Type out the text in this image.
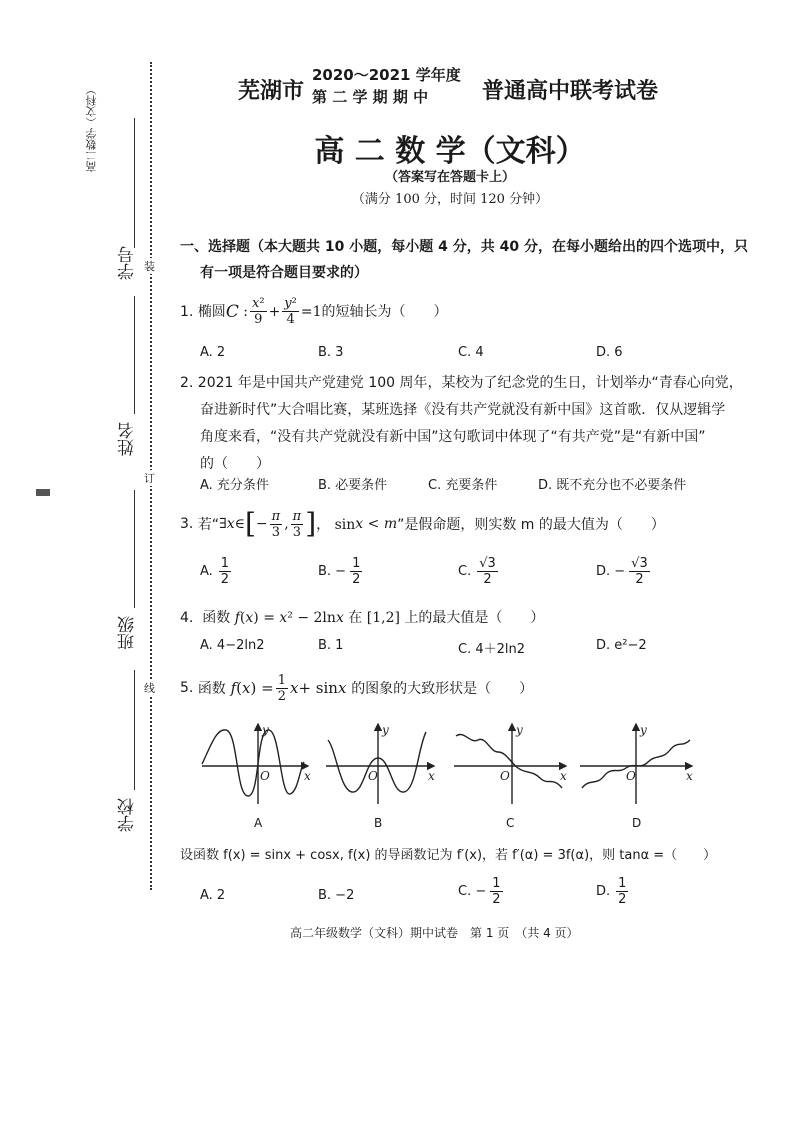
高二数学（文科）
学号 装
姓名
订
班级
线
学校
芜湖市
2020～2021 学年度
第 二 学 期 期 中 普通高中联考试卷
高 二 数 学（文科）
（答案写在答题卡上）
（满分 100 分，时间 120 分钟）
一、选择题（本大题共 10 小题，每小题 4 分，共 40 分，在每小题给出的四个选项中，只
有一项是符合题目要求的）
1.
椭圆 C : $\frac{\text{x²}}{9} + \frac{\text{y²}}{4} =1$ 的短轴长为（　　）
A. 2	B. 3	C. 4	D. 6
2. 2021 年是中国共产党建党 100 周年，某校为了纪念党的生日，计划举办“青春心向党，
奋进新时代”大合唱比赛，某班选择《没有共产党就没有新中国》这首歌．仅从逻辑学
角度来看，“没有共产党就没有新中国”这句歌词中体现了“有共产党”是“有新中国”
的（　　）
A. 充分条件	B. 必要条件	C. 充要条件	D. 既不充分也不必要条件
3.
若“ ∃ x ∈ [ − $\frac{\pi}{3}$ , $\frac{\pi}{3}$ ] ， sin x < m ”是假命题，则实数 m 的最大值为（　　）
A. $\frac{1}{2}$	B. − $\frac{1}{2}$	C. $\frac{√3}{2}$	D. − $\frac{√3}{2}$
4. 函数 f(x) = x² − 2lnx 在 [1,2] 上的最大值是（　　）
A. 4−2ln2	B. 1	C. 4＋2ln2	D. e²−2
5.
函数
f ( x ) = $\frac{1}{2}$ x + sin x
的图象的大致形状是（　　）
y
O	x
y
O	x
y
O	x
y
O	x
A	B	C	D
设函数 f(x) = sinx + cosx, f(x) 的导函数记为 f′(x)，若 f′(α) = 3f(α)，则 tanα =（　　）
A. 2	B. −2	C. − $\frac{1}{2}$	D. $\frac{1}{2}$
高二年级数学（文科）期中试卷　第 1 页　（共 4 页）
